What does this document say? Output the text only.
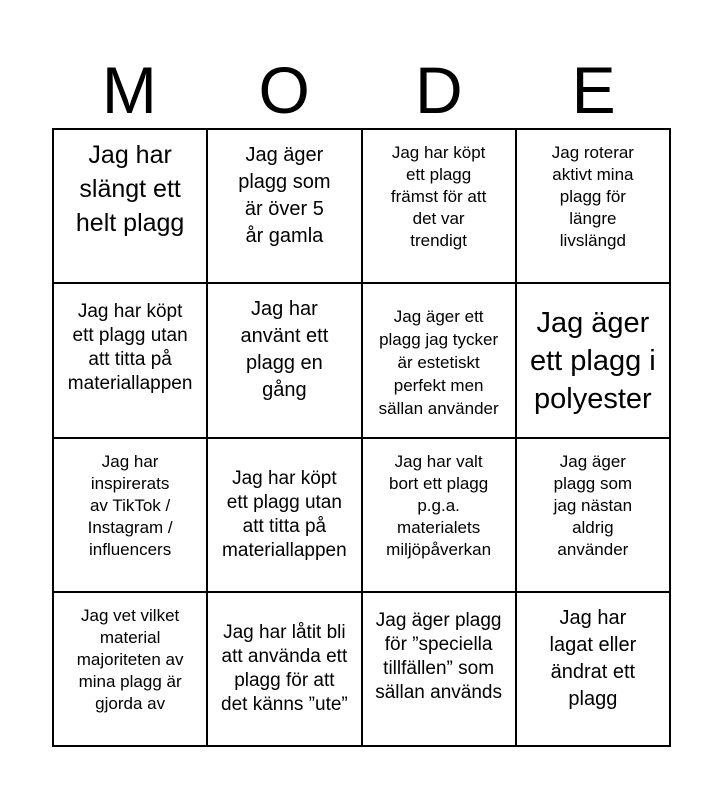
M	O	D	E
Jag har
slängt ett
helt plagg
Jag äger
plagg som
är över 5
år gamla
Jag har köpt
ett plagg
främst för att
det var
trendigt
Jag roterar
aktivt mina
plagg för
längre
livslängd
Jag har köpt
ett plagg utan
att titta på
materiallappen
Jag har
använt ett
plagg en
gång
Jag äger ett
plagg jag tycker
är estetiskt
perfekt men
sällan använder
Jag äger
ett plagg i
polyester
Jag har
inspirerats
av TikTok /
Instagram /
influencers
Jag har köpt
ett plagg utan
att titta på
materiallappen
Jag har valt
bort ett plagg
p.g.a.
materialets
miljöpåverkan
Jag äger
plagg som
jag nästan
aldrig
använder
Jag vet vilket
material
majoriteten av
mina plagg är
gjorda av
Jag har låtit bli
att använda ett
plagg för att
det känns ”ute”
Jag äger plagg
för ”speciella
tillfällen” som
sällan används
Jag har
lagat eller
ändrat ett
plagg
